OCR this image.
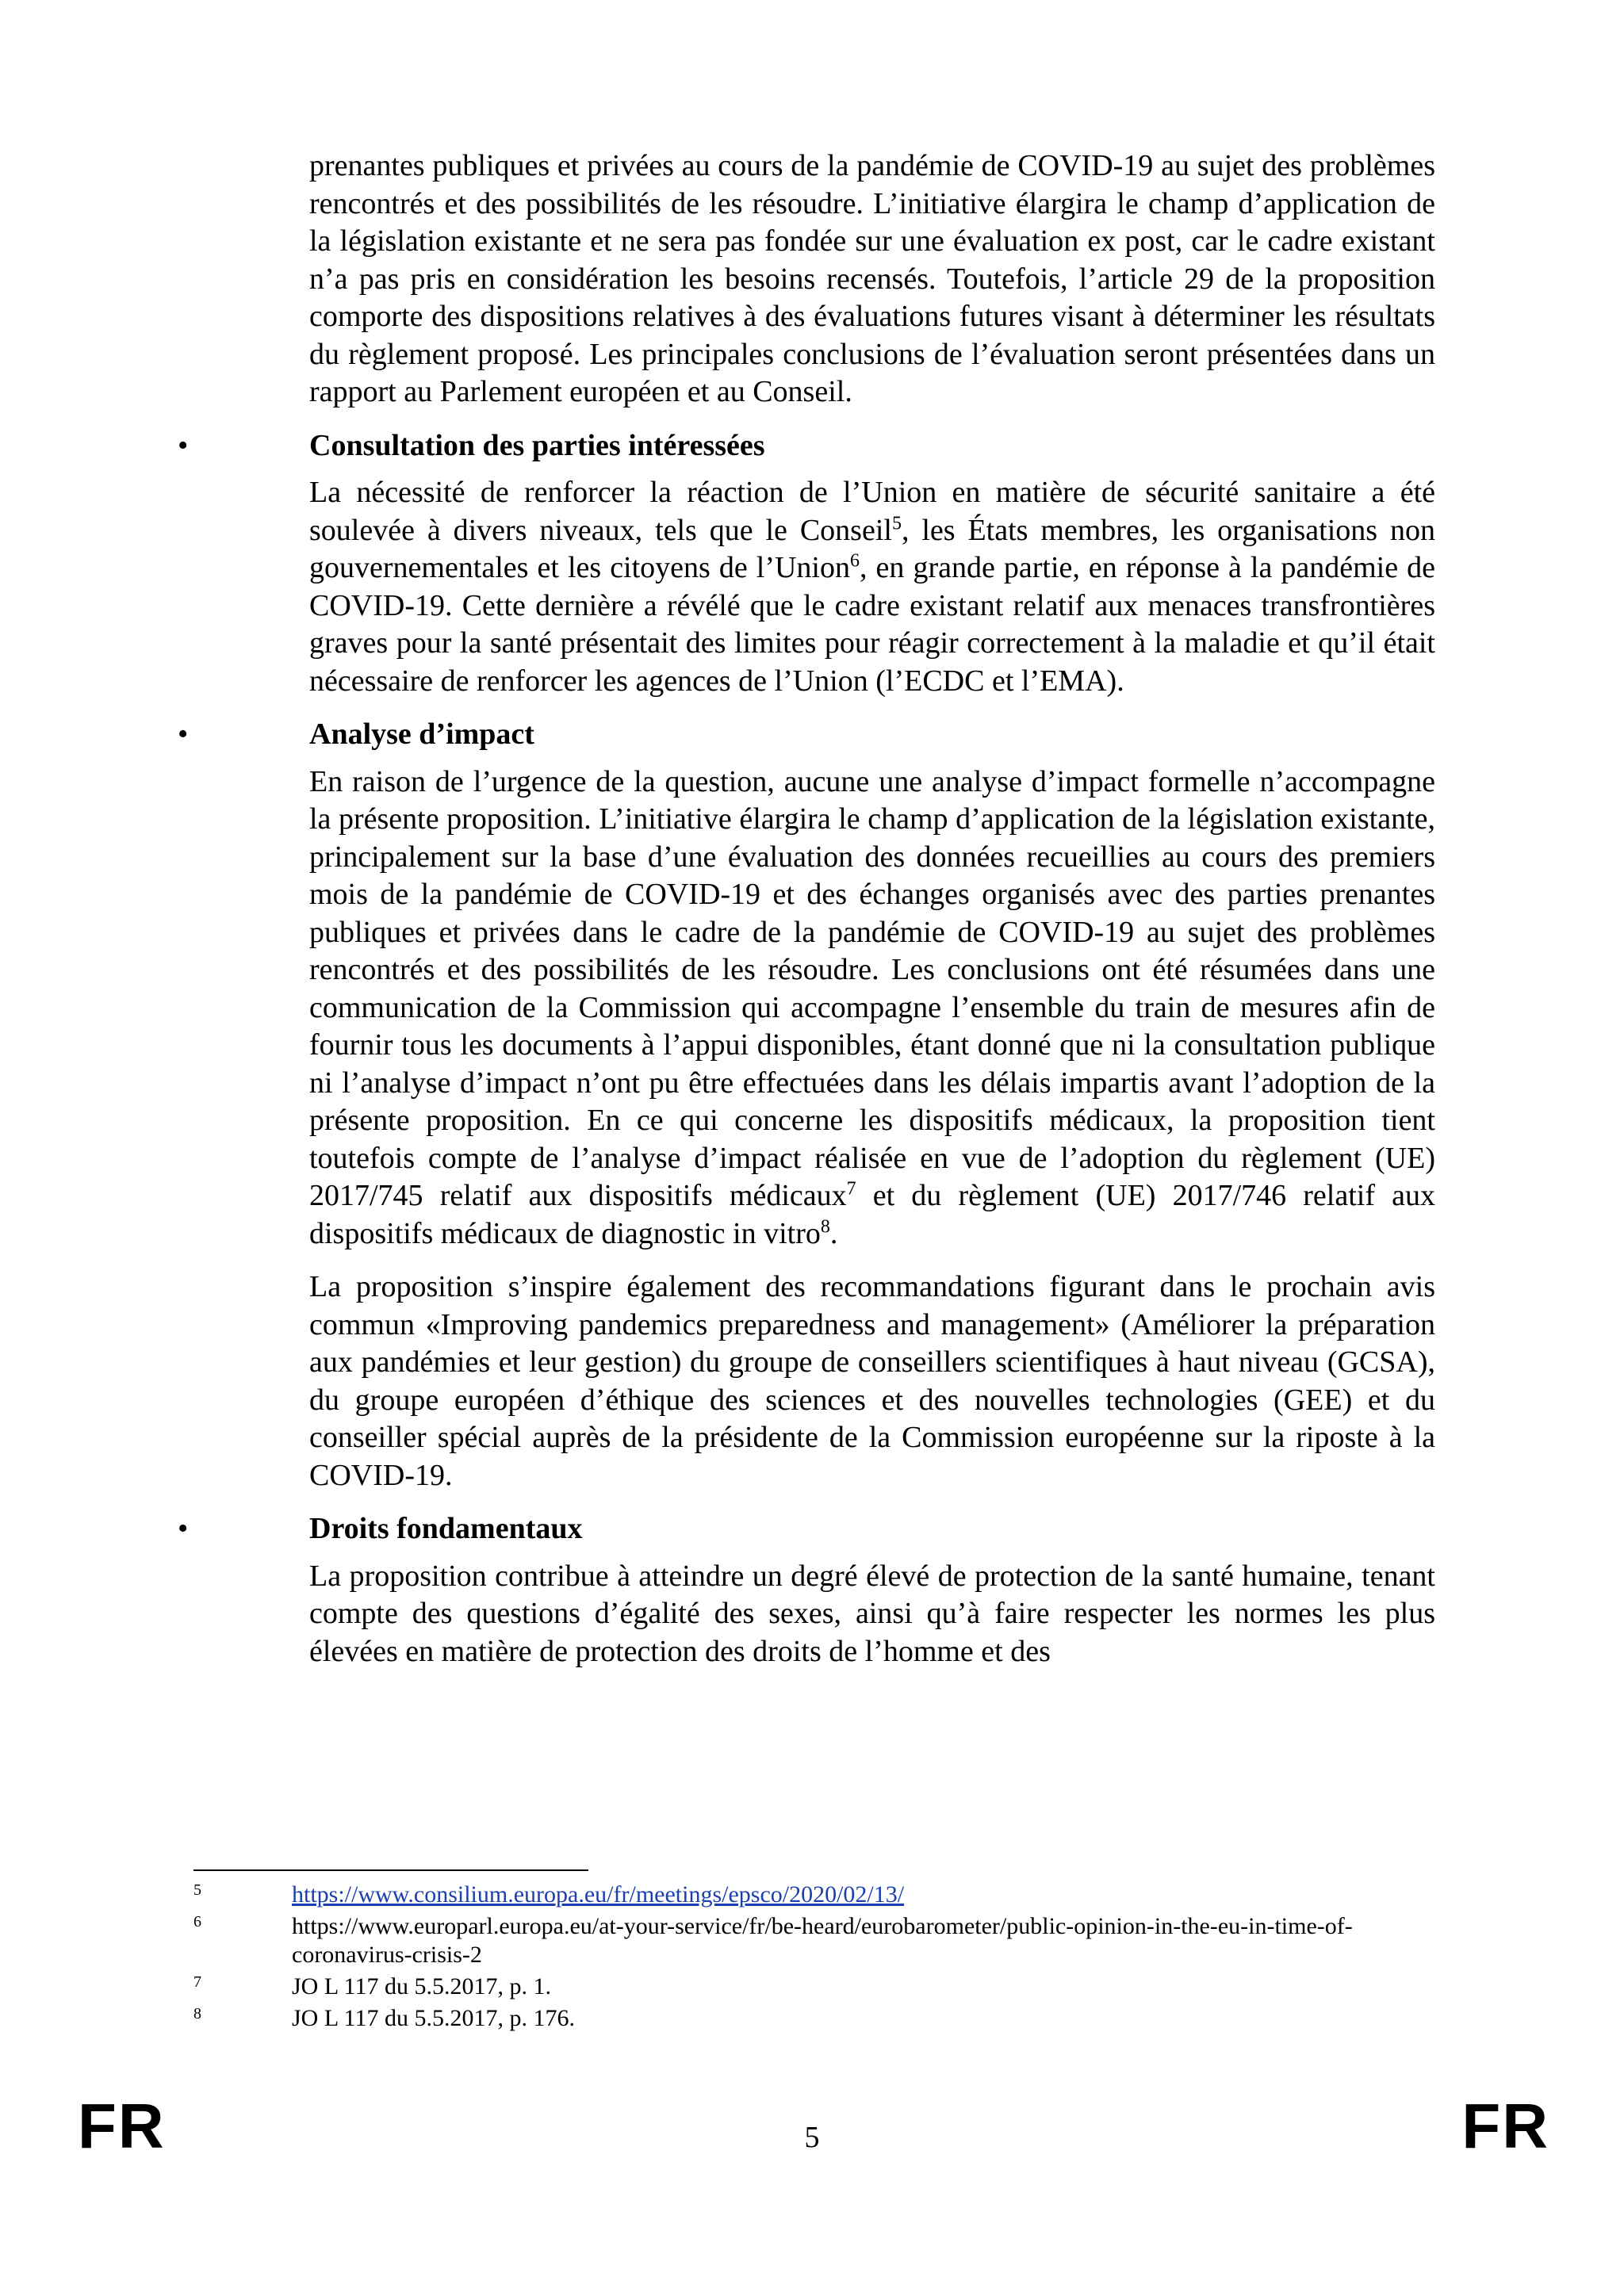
prenantes publiques et privées au cours de la pandémie de COVID-19 au sujet des problèmes rencontrés et des possibilités de les résoudre. L’initiative élargira le champ d’application de la législation existante et ne sera pas fondée sur une évaluation ex post, car le cadre existant n’a pas pris en considération les besoins recensés. Toutefois, l’article 29 de la proposition comporte des dispositions relatives à des évaluations futures visant à déterminer les résultats du règlement proposé. Les principales conclusions de l’évaluation seront présentées dans un rapport au Parlement européen et au Conseil.

•	Consultation des parties intéressées

La nécessité de renforcer la réaction de l’Union en matière de sécurité sanitaire a été soulevée à divers niveaux, tels que le Conseil$^5$, les États membres, les organisations non gouvernementales et les citoyens de l’Union$^6$, en grande partie, en réponse à la pandémie de COVID-19. Cette dernière a révélé que le cadre existant relatif aux menaces transfrontières graves pour la santé présentait des limites pour réagir correctement à la maladie et qu’il était nécessaire de renforcer les agences de l’Union (l’ECDC et l’EMA).

•	Analyse d’impact

En raison de l’urgence de la question, aucune une analyse d’impact formelle n’accompagne la présente proposition. L’initiative élargira le champ d’application de la législation existante, principalement sur la base d’une évaluation des données recueillies au cours des premiers mois de la pandémie de COVID-19 et des échanges organisés avec des parties prenantes publiques et privées dans le cadre de la pandémie de COVID-19 au sujet des problèmes rencontrés et des possibilités de les résoudre. Les conclusions ont été résumées dans une communication de la Commission qui accompagne l’ensemble du train de mesures afin de fournir tous les documents à l’appui disponibles, étant donné que ni la consultation publique ni l’analyse d’impact n’ont pu être effectuées dans les délais impartis avant l’adoption de la présente proposition. En ce qui concerne les dispositifs médicaux, la proposition tient toutefois compte de l’analyse d’impact réalisée en vue de l’adoption du règlement (UE) 2017/745 relatif aux dispositifs médicaux$^7$ et du règlement (UE) 2017/746 relatif aux dispositifs médicaux de diagnostic in vitro$^8$.

La proposition s’inspire également des recommandations figurant dans le prochain avis commun «Improving pandemics preparedness and management» (Améliorer la préparation aux pandémies et leur gestion) du groupe de conseillers scientifiques à haut niveau (GCSA), du groupe européen d’éthique des sciences et des nouvelles technologies (GEE) et du conseiller spécial auprès de la présidente de la Commission européenne sur la riposte à la COVID-19.

•	Droits fondamentaux

La proposition contribue à atteindre un degré élevé de protection de la santé humaine, tenant compte des questions d’égalité des sexes, ainsi qu’à faire respecter les normes les plus élevées en matière de protection des droits de l’homme et des

5	https://www.consilium.europa.eu/fr/meetings/epsco/2020/02/13/
6	https://www.europarl.europa.eu/at-your-service/fr/be-heard/eurobarometer/public-opinion-in-the-eu-in-time-of-coronavirus-crisis-2
7	JO L 117 du 5.5.2017, p. 1.
8	JO L 117 du 5.5.2017, p. 176.
FR	5	FR
